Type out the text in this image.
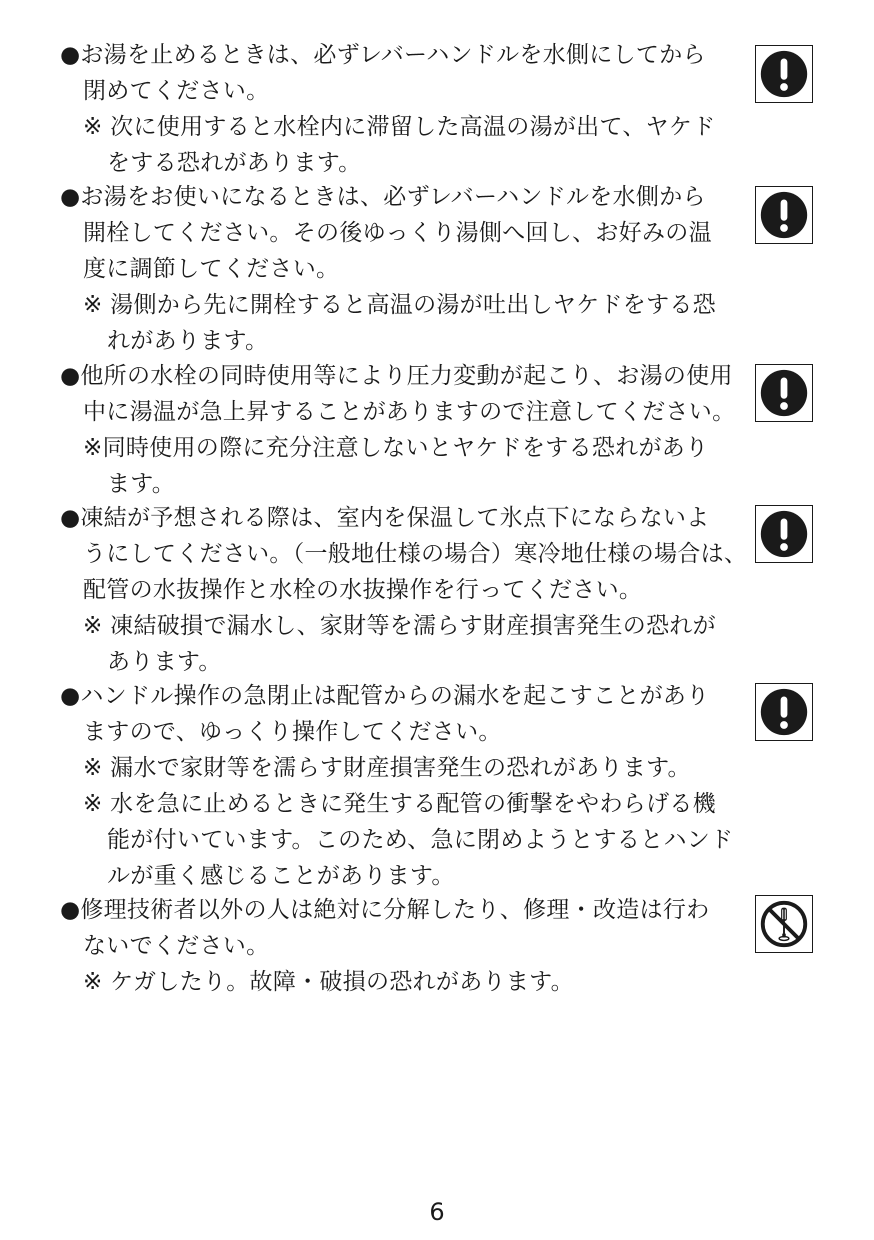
●お湯を止めるときは、必ずレバーハンドルを水側にしてから
閉めてください。
※ 次に使用すると水栓内に滞留した高温の湯が出て、ヤケド
をする恐れがあります。
●お湯をお使いになるときは、必ずレバーハンドルを水側から
開栓してください。その後ゆっくり湯側へ回し、お好みの温
度に調節してください。
※ 湯側から先に開栓すると高温の湯が吐出しヤケドをする恐
れがあります。
●他所の水栓の同時使用等により圧力変動が起こり、お湯の使用
中に湯温が急上昇することがありますので注意してください。
※同時使用の際に充分注意しないとヤケドをする恐れがあり
ます。
●凍結が予想される際は、室内を保温して氷点下にならないよ
うにしてください。（一般地仕様の場合）寒冷地仕様の場合は、
配管の水抜操作と水栓の水抜操作を行ってください。
※ 凍結破損で漏水し、家財等を濡らす財産損害発生の恐れが
あります。
●ハンドル操作の急閉止は配管からの漏水を起こすことがあり
ますので、ゆっくり操作してください。
※ 漏水で家財等を濡らす財産損害発生の恐れがあります。
※ 水を急に止めるときに発生する配管の衝撃をやわらげる機
能が付いています。このため、急に閉めようとするとハンド
ルが重く感じることがあります。
●修理技術者以外の人は絶対に分解したり、修理・改造は行わ
ないでください。
※ ケガしたり。故障・破損の恐れがあります。
6
